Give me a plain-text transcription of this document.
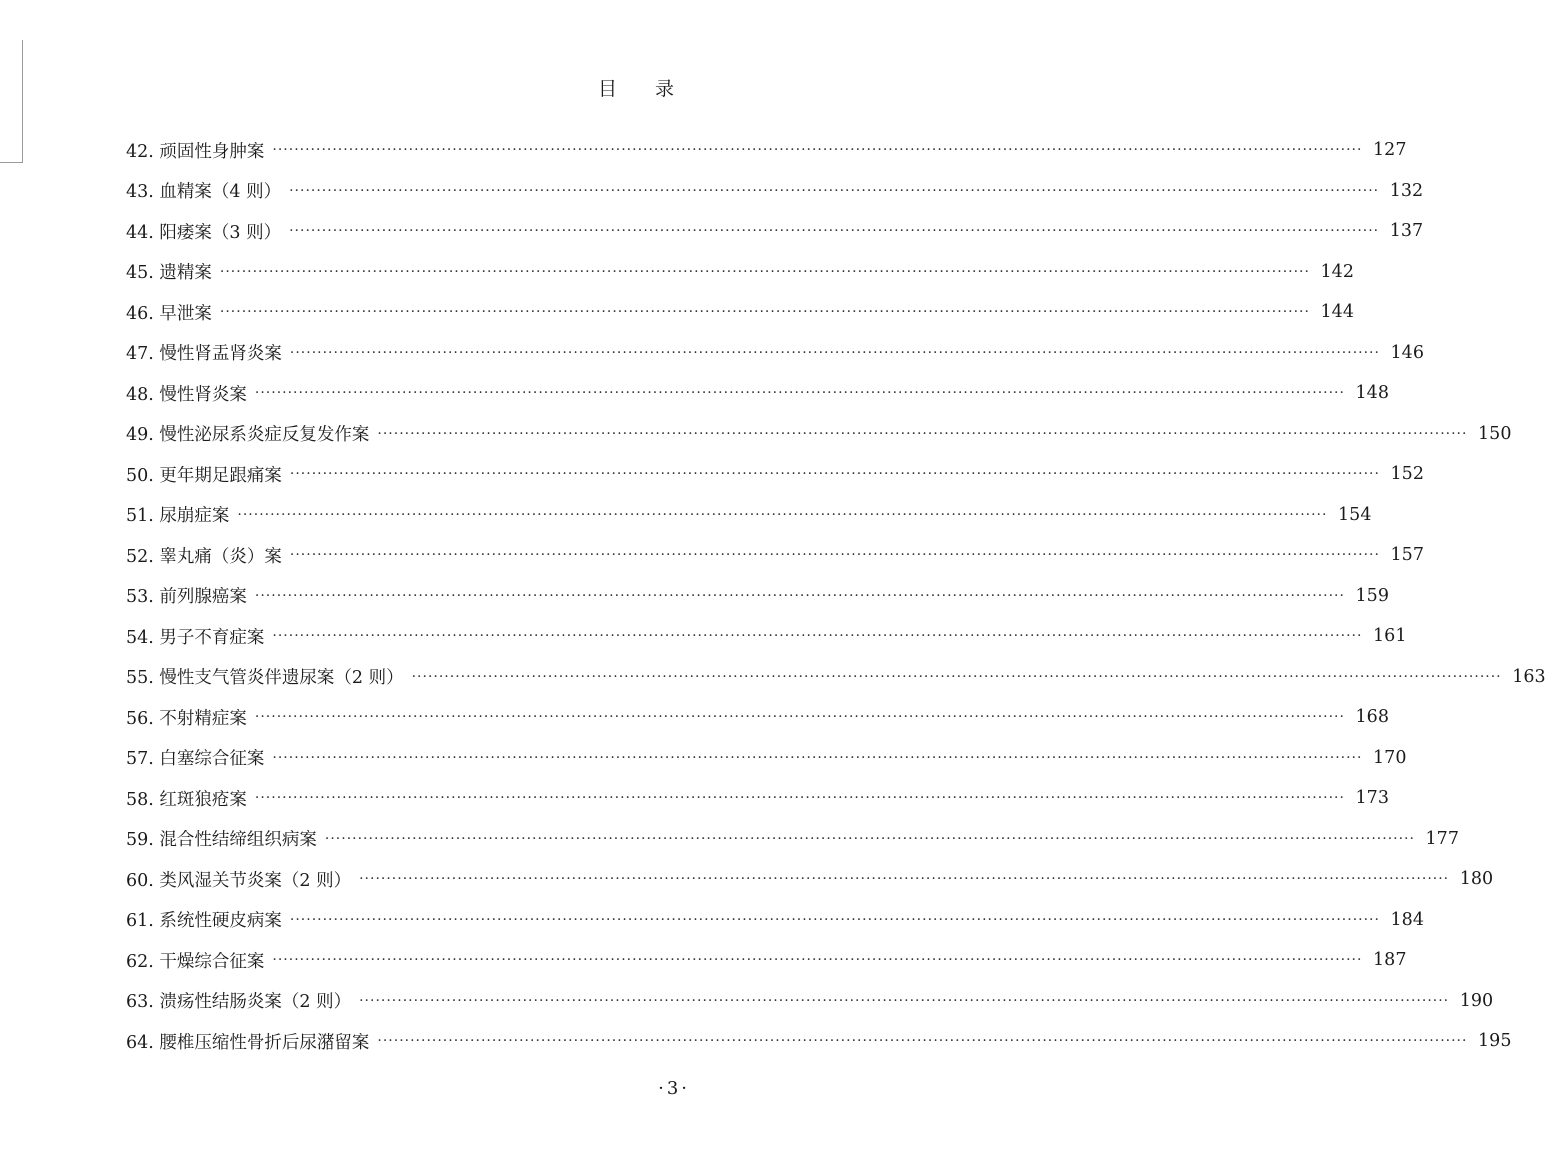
目 录
42. 顽固性身肿案 ········································································································································································································ 127
43. 血精案（4 则） ········································································································································································································ 132
44. 阳痿案（3 则） ········································································································································································································ 137
45. 遗精案 ········································································································································································································ 142
46. 早泄案 ········································································································································································································ 144
47. 慢性肾盂肾炎案 ········································································································································································································ 146
48. 慢性肾炎案 ········································································································································································································ 148
49. 慢性泌尿系炎症反复发作案 ········································································································································································································ 150
50. 更年期足跟痛案 ········································································································································································································ 152
51. 尿崩症案 ········································································································································································································ 154
52. 睾丸痛（炎）案 ········································································································································································································ 157
53. 前列腺癌案 ········································································································································································································ 159
54. 男子不育症案 ········································································································································································································ 161
55. 慢性支气管炎伴遗尿案（2 则） ········································································································································································································ 163
56. 不射精症案 ········································································································································································································ 168
57. 白塞综合征案 ········································································································································································································ 170
58. 红斑狼疮案 ········································································································································································································ 173
59. 混合性结缔组织病案 ········································································································································································································ 177
60. 类风湿关节炎案（2 则） ········································································································································································································ 180
61. 系统性硬皮病案 ········································································································································································································ 184
62. 干燥综合征案 ········································································································································································································ 187
63. 溃疡性结肠炎案（2 则） ········································································································································································································ 190
64. 腰椎压缩性骨折后尿潴留案 ········································································································································································································ 195
·3·
